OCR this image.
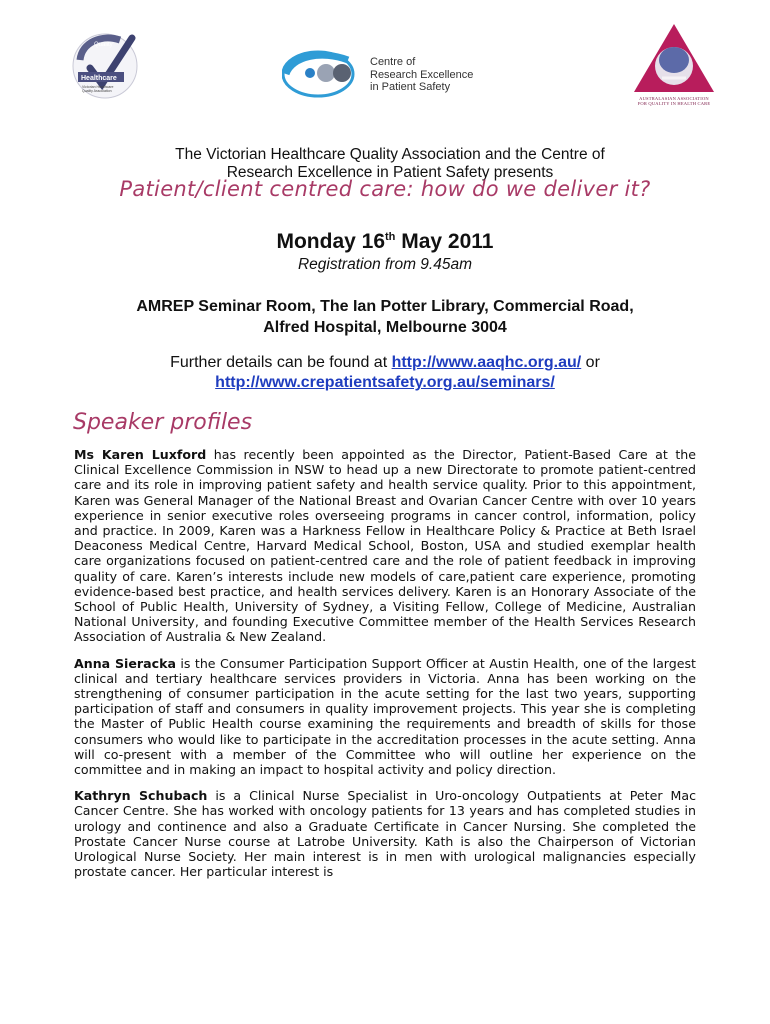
Quality
Healthcare
Victorian Healthcare
Quality Association
Centre of
Research Excellence
in Patient Safety
AUSTRALASIAN ASSOCIATION
FOR QUALITY IN HEALTH CARE
The Victorian Healthcare Quality Association and the Centre of
Research Excellence in Patient Safety presents
Patient/client centred care: how do we deliver it?
Monday 16th May 2011
Registration from 9.45am
AMREP Seminar Room, The Ian Potter Library, Commercial Road,
Alfred Hospital, Melbourne 3004
Further details can be found at http://www.aaqhc.org.au/ or
http://www.crepatientsafety.org.au/seminars/
Speaker profiles

Ms Karen Luxford has recently been appointed as the Director, Patient-Based Care at the Clinical Excellence Commission in NSW to head up a new Directorate to promote patient-centred care and its role in improving patient safety and health service quality. Prior to this appointment, Karen was General Manager of the National Breast and Ovarian Cancer Centre with over 10 years experience in senior executive roles overseeing programs in cancer control, information, policy and practice. In 2009, Karen was a Harkness Fellow in Healthcare Policy & Practice at Beth Israel Deaconess Medical Centre, Harvard Medical School, Boston, USA and studied exemplar health care organizations focused on patient-centred care and the role of patient feedback in improving quality of care. Karen’s interests include new models of care,patient care experience, promoting evidence-based best practice, and health services delivery. Karen is an Honorary Associate of the School of Public Health, University of Sydney, a Visiting Fellow, College of Medicine, Australian National University, and founding Executive Committee member of the Health Services Research Association of Australia & New Zealand.

Anna Sieracka is the Consumer Participation Support Officer at Austin Health, one of the largest clinical and tertiary healthcare services providers in Victoria. Anna has been working on the strengthening of consumer participation in the acute setting for the last two years, supporting participation of staff and consumers in quality improvement projects. This year she is completing the Master of Public Health course examining the requirements and breadth of skills for those consumers who would like to participate in the accreditation processes in the acute setting. Anna will co-present with a member of the Committee who will outline her experience on the committee and in making an impact to hospital activity and policy direction.

Kathryn Schubach is a Clinical Nurse Specialist in Uro-oncology Outpatients at Peter Mac Cancer Centre. She has worked with oncology patients for 13 years and has completed studies in urology and continence and also a Graduate Certificate in Cancer Nursing. She completed the Prostate Cancer Nurse course at Latrobe University. Kath is also the Chairperson of Victorian Urological Nurse Society. Her main interest is in men with urological malignancies especially prostate cancer. Her particular interest is
